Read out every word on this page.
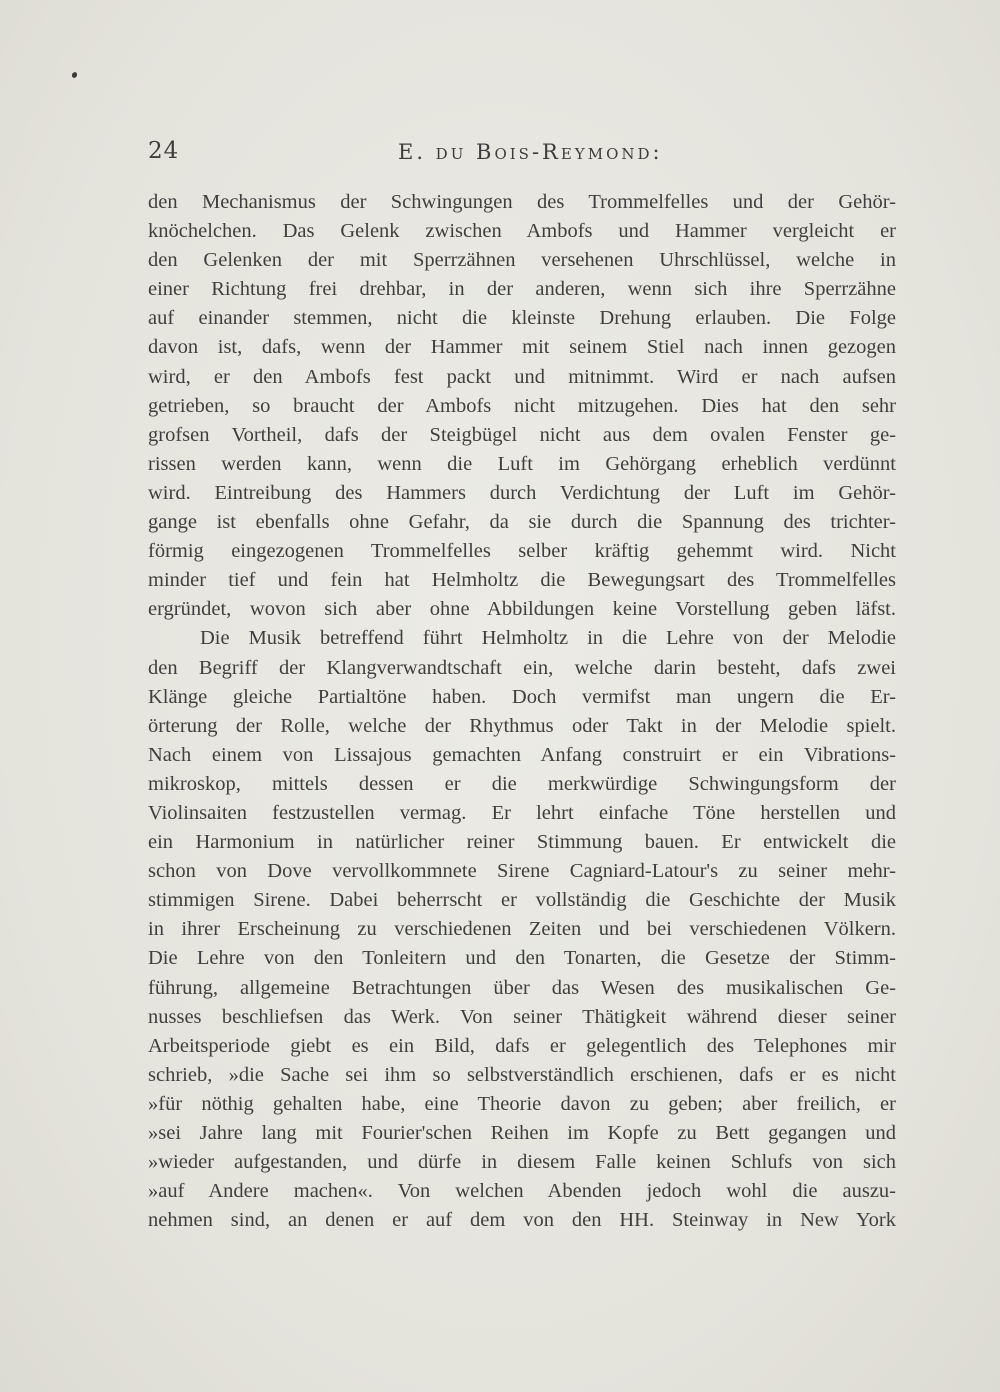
24	E. du Bois-Reymond:
den Mechanismus der Schwingungen des Trommelfelles und der Gehör-
knöchelchen. Das Gelenk zwischen Ambofs und Hammer vergleicht er
den Gelenken der mit Sperrzähnen versehenen Uhrschlüssel, welche in
einer Richtung frei drehbar, in der anderen, wenn sich ihre Sperrzähne
auf einander stemmen, nicht die kleinste Drehung erlauben. Die Folge
davon ist, dafs, wenn der Hammer mit seinem Stiel nach innen gezogen
wird, er den Ambofs fest packt und mitnimmt. Wird er nach aufsen
getrieben, so braucht der Ambofs nicht mitzugehen. Dies hat den sehr
grofsen Vortheil, dafs der Steigbügel nicht aus dem ovalen Fenster ge-
rissen werden kann, wenn die Luft im Gehörgang erheblich verdünnt
wird. Eintreibung des Hammers durch Verdichtung der Luft im Gehör-
gange ist ebenfalls ohne Gefahr, da sie durch die Spannung des trichter-
förmig eingezogenen Trommelfelles selber kräftig gehemmt wird. Nicht
minder tief und fein hat Helmholtz die Bewegungsart des Trommelfelles
ergründet, wovon sich aber ohne Abbildungen keine Vorstellung geben läfst.
Die Musik betreffend führt Helmholtz in die Lehre von der Melodie
den Begriff der Klangverwandtschaft ein, welche darin besteht, dafs zwei
Klänge gleiche Partialtöne haben. Doch vermifst man ungern die Er-
örterung der Rolle, welche der Rhythmus oder Takt in der Melodie spielt.
Nach einem von Lissajous gemachten Anfang construirt er ein Vibrations-
mikroskop, mittels dessen er die merkwürdige Schwingungsform der
Violinsaiten festzustellen vermag. Er lehrt einfache Töne herstellen und
ein Harmonium in natürlicher reiner Stimmung bauen. Er entwickelt die
schon von Dove vervollkommnete Sirene Cagniard-Latour's zu seiner mehr-
stimmigen Sirene. Dabei beherrscht er vollständig die Geschichte der Musik
in ihrer Erscheinung zu verschiedenen Zeiten und bei verschiedenen Völkern.
Die Lehre von den Tonleitern und den Tonarten, die Gesetze der Stimm-
führung, allgemeine Betrachtungen über das Wesen des musikalischen Ge-
nusses beschliefsen das Werk. Von seiner Thätigkeit während dieser seiner
Arbeitsperiode giebt es ein Bild, dafs er gelegentlich des Telephones mir
schrieb, »die Sache sei ihm so selbstverständlich erschienen, dafs er es nicht
»für nöthig gehalten habe, eine Theorie davon zu geben; aber freilich, er
»sei Jahre lang mit Fourier'schen Reihen im Kopfe zu Bett gegangen und
»wieder aufgestanden, und dürfe in diesem Falle keinen Schlufs von sich
»auf Andere machen«. Von welchen Abenden jedoch wohl die auszu-
nehmen sind, an denen er auf dem von den HH. Steinway in New York
